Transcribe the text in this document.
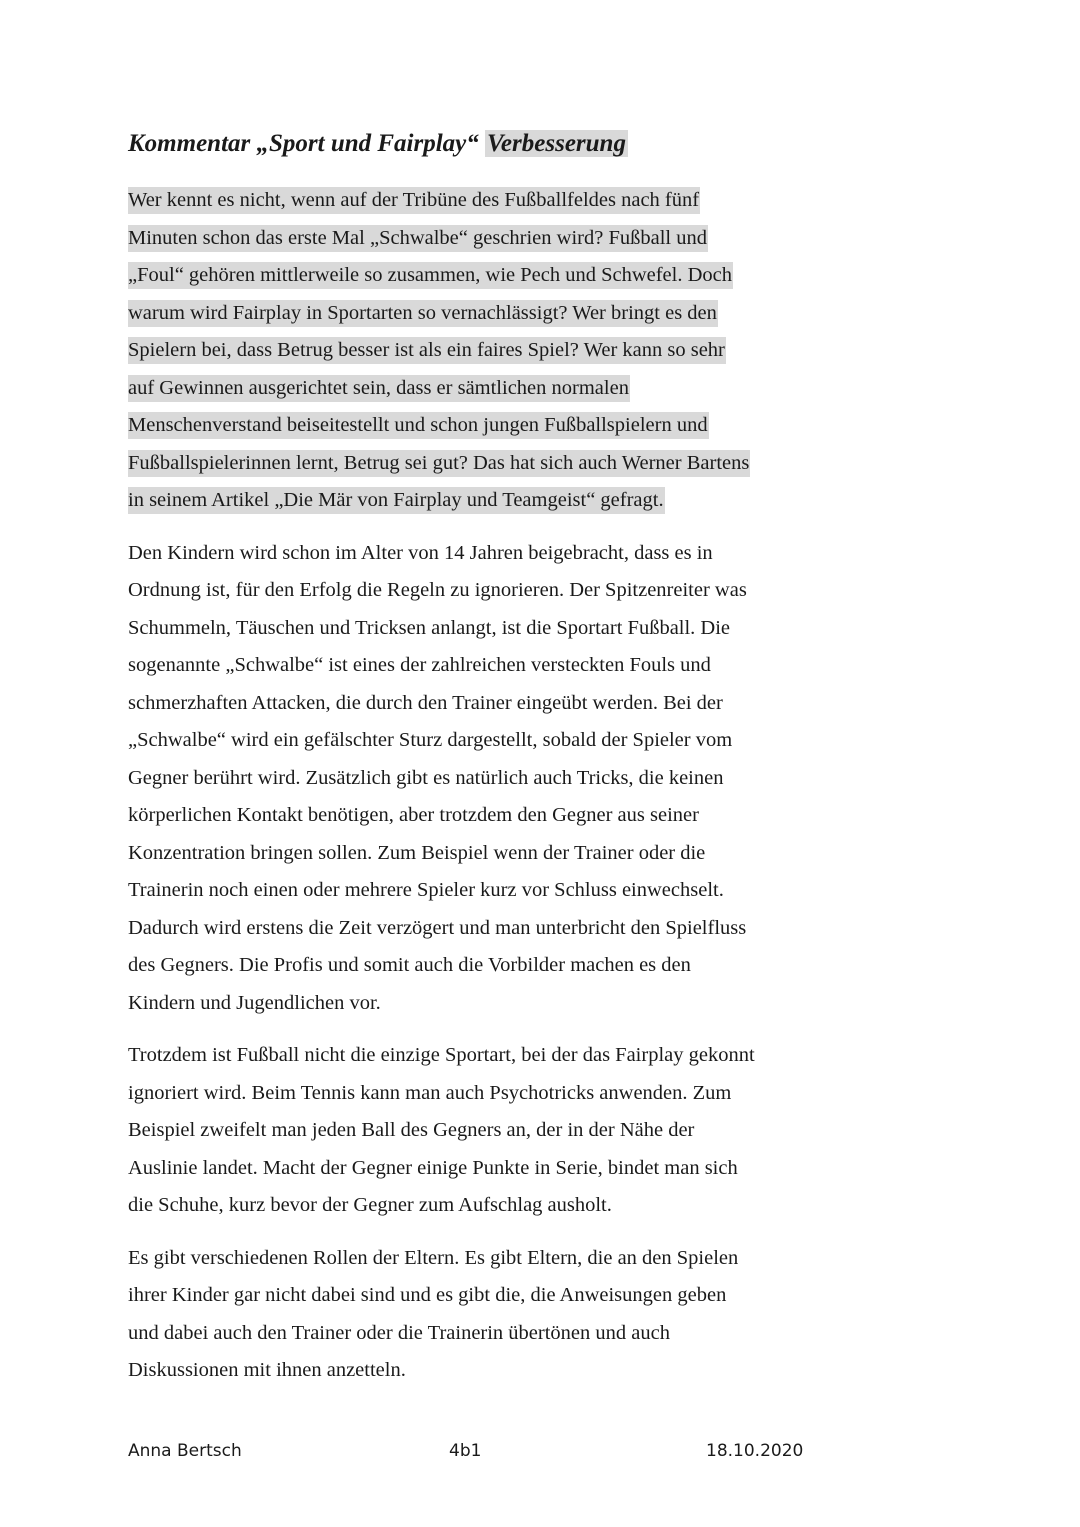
Kommentar „Sport und Fairplay“ Verbesserung

Wer kennt es nicht, wenn auf der Tribüne des Fußballfeldes nach fünf

Minuten schon das erste Mal „Schwalbe“ geschrien wird? Fußball und

„Foul“ gehören mittlerweile so zusammen, wie Pech und Schwefel. Doch

warum wird Fairplay in Sportarten so vernachlässigt? Wer bringt es den

Spielern bei, dass Betrug besser ist als ein faires Spiel? Wer kann so sehr

auf Gewinnen ausgerichtet sein, dass er sämtlichen normalen

Menschenverstand beiseitestellt und schon jungen Fußballspielern und

Fußballspielerinnen lernt, Betrug sei gut? Das hat sich auch Werner Bartens

in seinem Artikel „Die Mär von Fairplay und Teamgeist“ gefragt.

Den Kindern wird schon im Alter von 14 Jahren beigebracht, dass es in

Ordnung ist, für den Erfolg die Regeln zu ignorieren. Der Spitzenreiter was

Schummeln, Täuschen und Tricksen anlangt, ist die Sportart Fußball. Die

sogenannte „Schwalbe“ ist eines der zahlreichen versteckten Fouls und

schmerzhaften Attacken, die durch den Trainer eingeübt werden. Bei der

„Schwalbe“ wird ein gefälschter Sturz dargestellt, sobald der Spieler vom

Gegner berührt wird. Zusätzlich gibt es natürlich auch Tricks, die keinen

körperlichen Kontakt benötigen, aber trotzdem den Gegner aus seiner

Konzentration bringen sollen. Zum Beispiel wenn der Trainer oder die

Trainerin noch einen oder mehrere Spieler kurz vor Schluss einwechselt.

Dadurch wird erstens die Zeit verzögert und man unterbricht den Spielfluss

des Gegners. Die Profis und somit auch die Vorbilder machen es den

Kindern und Jugendlichen vor.

Trotzdem ist Fußball nicht die einzige Sportart, bei der das Fairplay gekonnt

ignoriert wird. Beim Tennis kann man auch Psychotricks anwenden. Zum

Beispiel zweifelt man jeden Ball des Gegners an, der in der Nähe der

Auslinie landet. Macht der Gegner einige Punkte in Serie, bindet man sich

die Schuhe, kurz bevor der Gegner zum Aufschlag ausholt.

Es gibt verschiedenen Rollen der Eltern. Es gibt Eltern, die an den Spielen

ihrer Kinder gar nicht dabei sind und es gibt die, die Anweisungen geben

und dabei auch den Trainer oder die Trainerin übertönen und auch

Diskussionen mit ihnen anzetteln.

Anna Bertsch	4b1	18.10.2020
